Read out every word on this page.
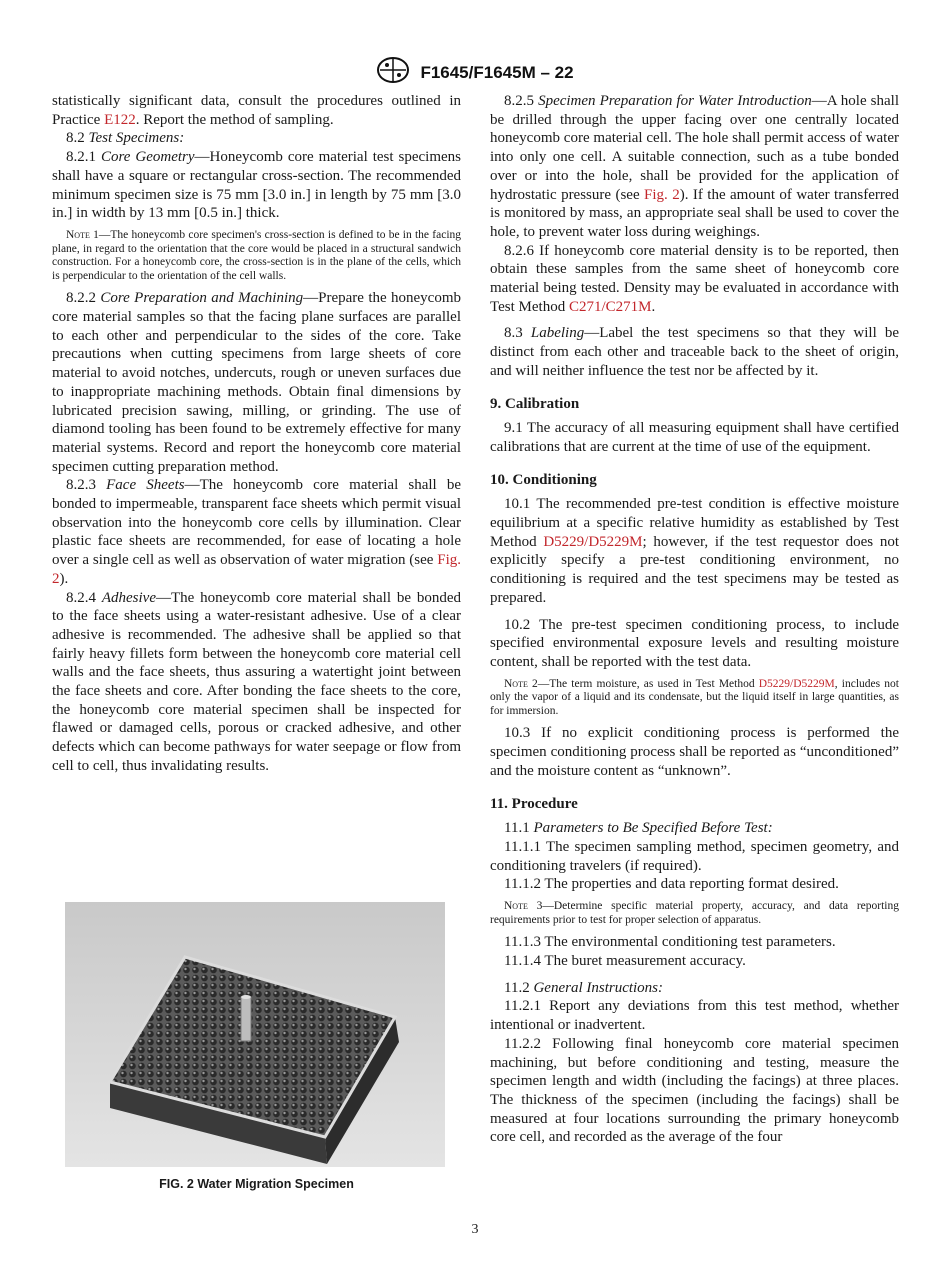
F1645/F1645M – 22

statistically significant data, consult the procedures outlined in Practice E122. Report the method of sampling.

8.2 Test Specimens:

8.2.1 Core Geometry—Honeycomb core material test specimens shall have a square or rectangular cross-section. The recommended minimum specimen size is 75 mm [3.0 in.] in length by 75 mm [3.0 in.] in width by 13 mm [0.5 in.] thick.

Note 1—The honeycomb core specimen's cross-section is defined to be in the facing plane, in regard to the orientation that the core would be placed in a structural sandwich construction. For a honeycomb core, the cross-section is in the plane of the cells, which is perpendicular to the orientation of the cell walls.

8.2.2 Core Preparation and Machining—Prepare the honeycomb core material samples so that the facing plane surfaces are parallel to each other and perpendicular to the sides of the core. Take precautions when cutting specimens from large sheets of core material to avoid notches, undercuts, rough or uneven surfaces due to inappropriate machining methods. Obtain final dimensions by lubricated precision sawing, milling, or grinding. The use of diamond tooling has been found to be extremely effective for many material systems. Record and report the honeycomb core material specimen cutting preparation method.

8.2.3 Face Sheets—The honeycomb core material shall be bonded to impermeable, transparent face sheets which permit visual observation into the honeycomb core cells by illumination. Clear plastic face sheets are recommended, for ease of locating a hole over a single cell as well as observation of water migration (see Fig. 2).

8.2.4 Adhesive—The honeycomb core material shall be bonded to the face sheets using a water-resistant adhesive. Use of a clear adhesive is recommended. The adhesive shall be applied so that fairly heavy fillets form between the honeycomb core material cell walls and the face sheets, thus assuring a watertight joint between the face sheets and core. After bonding the face sheets to the core, the honeycomb core material specimen shall be inspected for flawed or damaged cells, porous or cracked adhesive, and other defects which can become pathways for water seepage or flow from cell to cell, thus invalidating results.

FIG. 2 Water Migration Specimen

8.2.5 Specimen Preparation for Water Introduction—A hole shall be drilled through the upper facing over one centrally located honeycomb core material cell. The hole shall permit access of water into only one cell. A suitable connection, such as a tube bonded over or into the hole, shall be provided for the application of hydrostatic pressure (see Fig. 2). If the amount of water transferred is monitored by mass, an appropriate seal shall be used to cover the hole, to prevent water loss during weighings.

8.2.6 If honeycomb core material density is to be reported, then obtain these samples from the same sheet of honeycomb core material being tested. Density may be evaluated in accordance with Test Method C271/C271M.

8.3 Labeling—Label the test specimens so that they will be distinct from each other and traceable back to the sheet of origin, and will neither influence the test nor be affected by it.

9. Calibration

9.1 The accuracy of all measuring equipment shall have certified calibrations that are current at the time of use of the equipment.

10. Conditioning

10.1 The recommended pre-test condition is effective moisture equilibrium at a specific relative humidity as established by Test Method D5229/D5229M; however, if the test requestor does not explicitly specify a pre-test conditioning environment, no conditioning is required and the test specimens may be tested as prepared.

10.2 The pre-test specimen conditioning process, to include specified environmental exposure levels and resulting moisture content, shall be reported with the test data.

Note 2—The term moisture, as used in Test Method D5229/D5229M, includes not only the vapor of a liquid and its condensate, but the liquid itself in large quantities, as for immersion.

10.3 If no explicit conditioning process is performed the specimen conditioning process shall be reported as “unconditioned” and the moisture content as “unknown”.

11. Procedure

11.1 Parameters to Be Specified Before Test:

11.1.1 The specimen sampling method, specimen geometry, and conditioning travelers (if required).

11.1.2 The properties and data reporting format desired.

Note 3—Determine specific material property, accuracy, and data reporting requirements prior to test for proper selection of apparatus.

11.1.3 The environmental conditioning test parameters.

11.1.4 The buret measurement accuracy.

11.2 General Instructions:

11.2.1 Report any deviations from this test method, whether intentional or inadvertent.

11.2.2 Following final honeycomb core material specimen machining, but before conditioning and testing, measure the specimen length and width (including the facings) at three places. The thickness of the specimen (including the facings) shall be measured at four locations surrounding the primary honeycomb core cell, and recorded as the average of the four

3
